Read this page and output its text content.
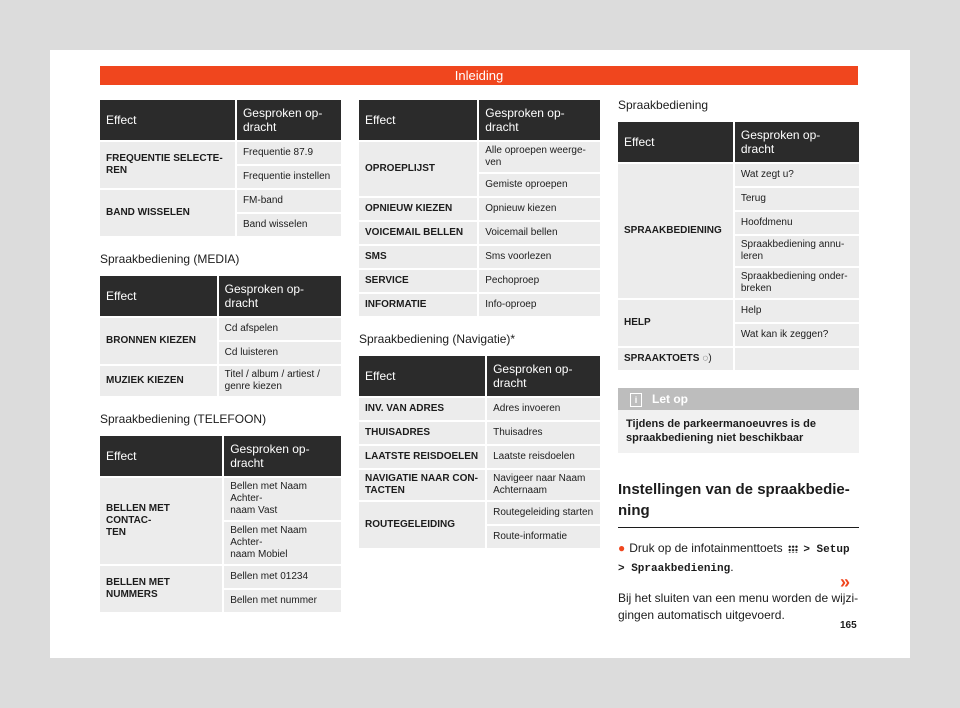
Inleiding
Effect	Gesproken op-
dracht
FREQUENTIE SELECTE-
REN	Frequentie 87.9
	Frequentie instellen
BAND WISSELEN	FM-band
	Band wisselen
Spraakbediening (MEDIA)
Effect	Gesproken op-
dracht
BRONNEN KIEZEN	Cd afspelen
	Cd luisteren
MUZIEK KIEZEN	Titel / album / artiest /
genre kiezen
Spraakbediening (TELEFOON)
Effect	Gesproken op-
dracht
BELLEN MET CONTAC-
TEN	Bellen met Naam Achter-
naam Vast
	Bellen met Naam Achter-
naam Mobiel
BELLEN MET NUMMERS	Bellen met 01234
	Bellen met nummer
Effect	Gesproken op-
dracht
OPROEPLIJST	Alle oproepen weerge-
ven
	Gemiste oproepen
OPNIEUW KIEZEN	Opnieuw kiezen
VOICEMAIL BELLEN	Voicemail bellen
SMS	Sms voorlezen
SERVICE	Pechoproep
INFORMATIE	Info-oproep
Spraakbediening (Navigatie)*
Effect	Gesproken op-
dracht
INV. VAN ADRES	Adres invoeren
THUISADRES	Thuisadres
LAATSTE REISDOELEN	Laatste reisdoelen
NAVIGATIE NAAR CON-
TACTEN	Navigeer naar Naam
Achternaam
ROUTEGELEIDING	Routegeleiding starten
	Route-informatie
Spraakbediening
Effect	Gesproken op-
dracht
SPRAAKBEDIENING	Wat zegt u?
	Terug
	Hoofdmenu
	Spraakbediening annu-
leren
	Spraakbediening onder-
breken
HELP	Help
	Wat kan ik zeggen?
SPRAAKTOETS ◌)	
i Let op
Tijdens de parkeermanoeuvres is de spraakbediening niet beschikbaar
Instellingen van de spraakbedie-
ning
● Druk op de infotainmenttoets > Setup
> Spraakbediening.
Bij het sluiten van een menu worden de wijzi-
gingen automatisch uitgevoerd.
»
165
